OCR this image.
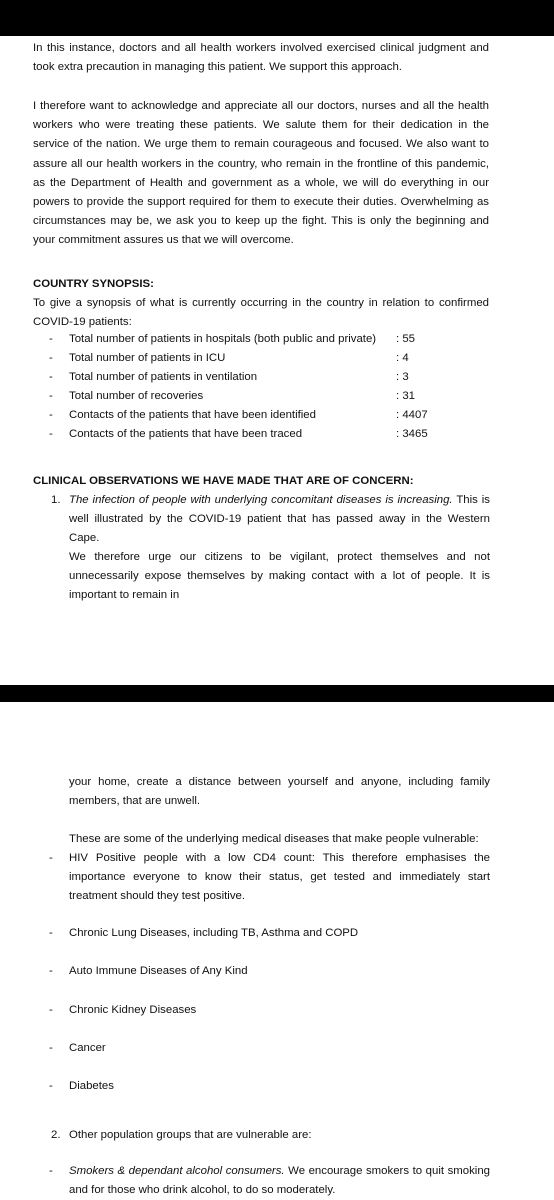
In this instance, doctors and all health workers involved exercised clinical judgment and took extra precaution in managing this patient. We support this approach.

I therefore want to acknowledge and appreciate all our doctors, nurses and all the health workers who were treating these patients. We salute them for their dedication in the service of the nation. We urge them to remain courageous and focused. We also want to assure all our health workers in the country, who remain in the frontline of this pandemic, as the Department of Health and government as a whole, we will do everything in our powers to provide the support required for them to execute their duties. Overwhelming as circumstances may be, we ask you to keep up the fight. This is only the beginning and your commitment assures us that we will overcome.

COUNTRY SYNOPSIS:

To give a synopsis of what is currently occurring in the country in relation to confirmed COVID-19 patients:

- Total number of patients in hospitals (both public and private) : 55
- Total number of patients in ICU	: 4
- Total number of patients in ventilation	: 3
- Total number of recoveries	: 31
- Contacts of the patients that have been identified	: 4407
- Contacts of the patients that have been traced	: 3465

CLINICAL OBSERVATIONS WE HAVE MADE THAT ARE OF CONCERN:

1. The infection of people with underlying concomitant diseases is increasing. This is well illustrated by the COVID-19 patient that has passed away in the Western Cape.

We therefore urge our citizens to be vigilant, protect themselves and not unnecessarily expose themselves by making contact with a lot of people. It is important to remain in

your home, create a distance between yourself and anyone, including family members, that are unwell.

These are some of the underlying medical diseases that make people vulnerable:

- HIV Positive people with a low CD4 count: This therefore emphasises the importance everyone to know their status, get tested and immediately start treatment should they test positive.

- Chronic Lung Diseases, including TB, Asthma and COPD
- Auto Immune Diseases of Any Kind
- Chronic Kidney Diseases
- Cancer
- Diabetes
2. Other population groups that are vulnerable are:
- Smokers & dependant alcohol consumers. We encourage smokers to quit smoking and for those who drink alcohol, to do so moderately.
